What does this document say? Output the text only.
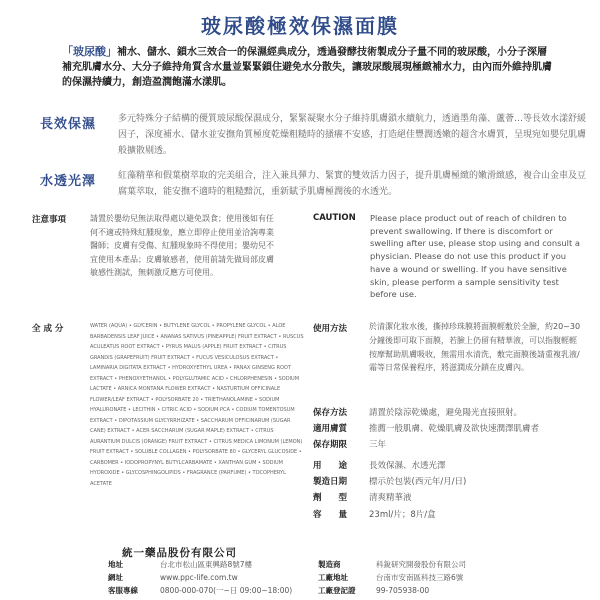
玻尿酸極效保濕面膜
「玻尿酸」補水、儲水、鎖水三效合一的保濕經典成分，透過發酵技術製成分子量不同的玻尿酸，小分子深層補充肌膚水分、大分子維持角質含水量並緊緊鎖住避免水分散失，讓玻尿酸展現極緻補水力，由內而外維持肌膚的保濕持續力，創造盈潤飽滿水漾肌。
長效保濕 多元特殊分子結構的優質玻尿酸保濕成分，緊緊凝聚水分子維持肌膚鎖水續航力，透過墨角藻、蘆薈…等長效水漾舒緩因子，深度補水、儲水並安撫角質極度乾燥粗糙時的搔癢不安感，打造絕佳豐潤透嫩的超含水膚質，呈現宛如嬰兒肌膚般擴散剔透。
水透光澤 紅藻精華和假葉樹萃取的完美組合，注入兼具彈力、緊實的雙效活力因子，提升肌膚極緻的嫩滑緻感，複合山金車及豆腐葉萃取，能安撫不適時的粗糙黯沉，重新賦予肌膚極潤後的水透光。
注意事項	請置於嬰幼兒無法取得處以避免誤食；使用後如有任何不適或特殊紅腫現象，應立即停止使用並洽詢專業醫師；皮膚有受傷、紅腫現象時不得使用；嬰幼兒不宜使用本產品；皮膚敏感者，使用前請先做局部皮膚敏感性測試，無刺激反應方可使用。
CAUTION Please place product out of reach of children to prevent swallowing. If there is discomfort or swelling after use, please stop using and consult a physician. Please do not use this product if you have a wound or swelling. If you have sensitive skin, please perform a sample sensitivity test before use.
全 成 分	WATER (AQUA) • GLYCERIN • BUTYLENE GLYCOL • PROPYLENE GLYCOL • ALOE BARBADENSIS LEAF JUICE • ANANAS SATIVUS (PINEAPPLE) FRUIT EXTRACT • RUSCUS ACULEATUS ROOT EXTRACT • PYRUS MALUS (APPLE) FRUIT EXTRACT • CITRUS GRANDIS (GRAPEFRUIT) FRUIT EXTRACT • FUCUS VESICULOSUS EXTRACT • LAMINARIA DIGITATA EXTRACT • HYDROXYETHYL UREA • PANAX GINSENG ROOT EXTRACT • PHENOXYETHANOL • POLYGLUTAMIC ACID • CHLORPHENESIN • SODIUM LACTATE • ARNICA MONTANA FLOWER EXTRACT • NASTURTIUM OFFICINALE FLOWER/LEAF EXTRACT • POLYSORBATE 20 • TRIETHANOLAMINE • SODIUM HYALURONATE • LECITHIN • CITRIC ACID • SODIUM PCA • CODIUM TOMENTOSUM EXTRACT • DIPOTASSIUM GLYCYRRHIZATE • SACCHARUM OFFICINARUM (SUGAR CANE) EXTRACT • ACER SACCHARUM (SUGAR MAPLE) EXTRACT • CITRUS AURANTIUM DULCIS (ORANGE) FRUIT EXTRACT • CITRUS MEDICA LIMONUM (LEMON) FRUIT EXTRACT • SOLUBLE COLLAGEN • POLYSORBATE 80 • GLYCERYL GLUCOSIDE • CARBOMER • IODOPROPYNYL BUTYLCARBAMATE • XANTHAN GUM • SODIUM HYDROXIDE • GLYCOSPHINGOLIPIDS • FRAGRANCE (PARFUME) • TOCOPHERYL ACETATE
使用方法	於清潔化妝水後，撕掉珍珠膜將面膜輕敷於全臉，約20~30分鐘後即可取下面膜，若臉上仍留有精華液，可以指腹輕輕按摩幫助肌膚吸收，無需用水清洗，敷完面膜後請重複乳液/霜等日常保養程序，將滋潤成分鎖在皮膚內。
保存方法	請置於陰涼乾燥處，避免陽光直接照射。
適用膚質	推薦一般肌膚、乾燥肌膚及欲快速潤澤肌膚者
保存期限	三年
用　　途	長效保濕、水透光澤
製造日期	標示於包裝(西元年/月/日)
劑　　型	清爽精華液
容　　量	23ml/片；8片/盒
統一藥品股份有限公司
地址	台北市松山區東興路8號7樓
網址	www.ppc-life.com.tw
客服專線	0800-000-070(一~日 09:00~18:00)
製造商	科銳研究開發股份有限公司
工廠地址	台南市安南區科技三路6號
工廠登記證	99-705938-00
